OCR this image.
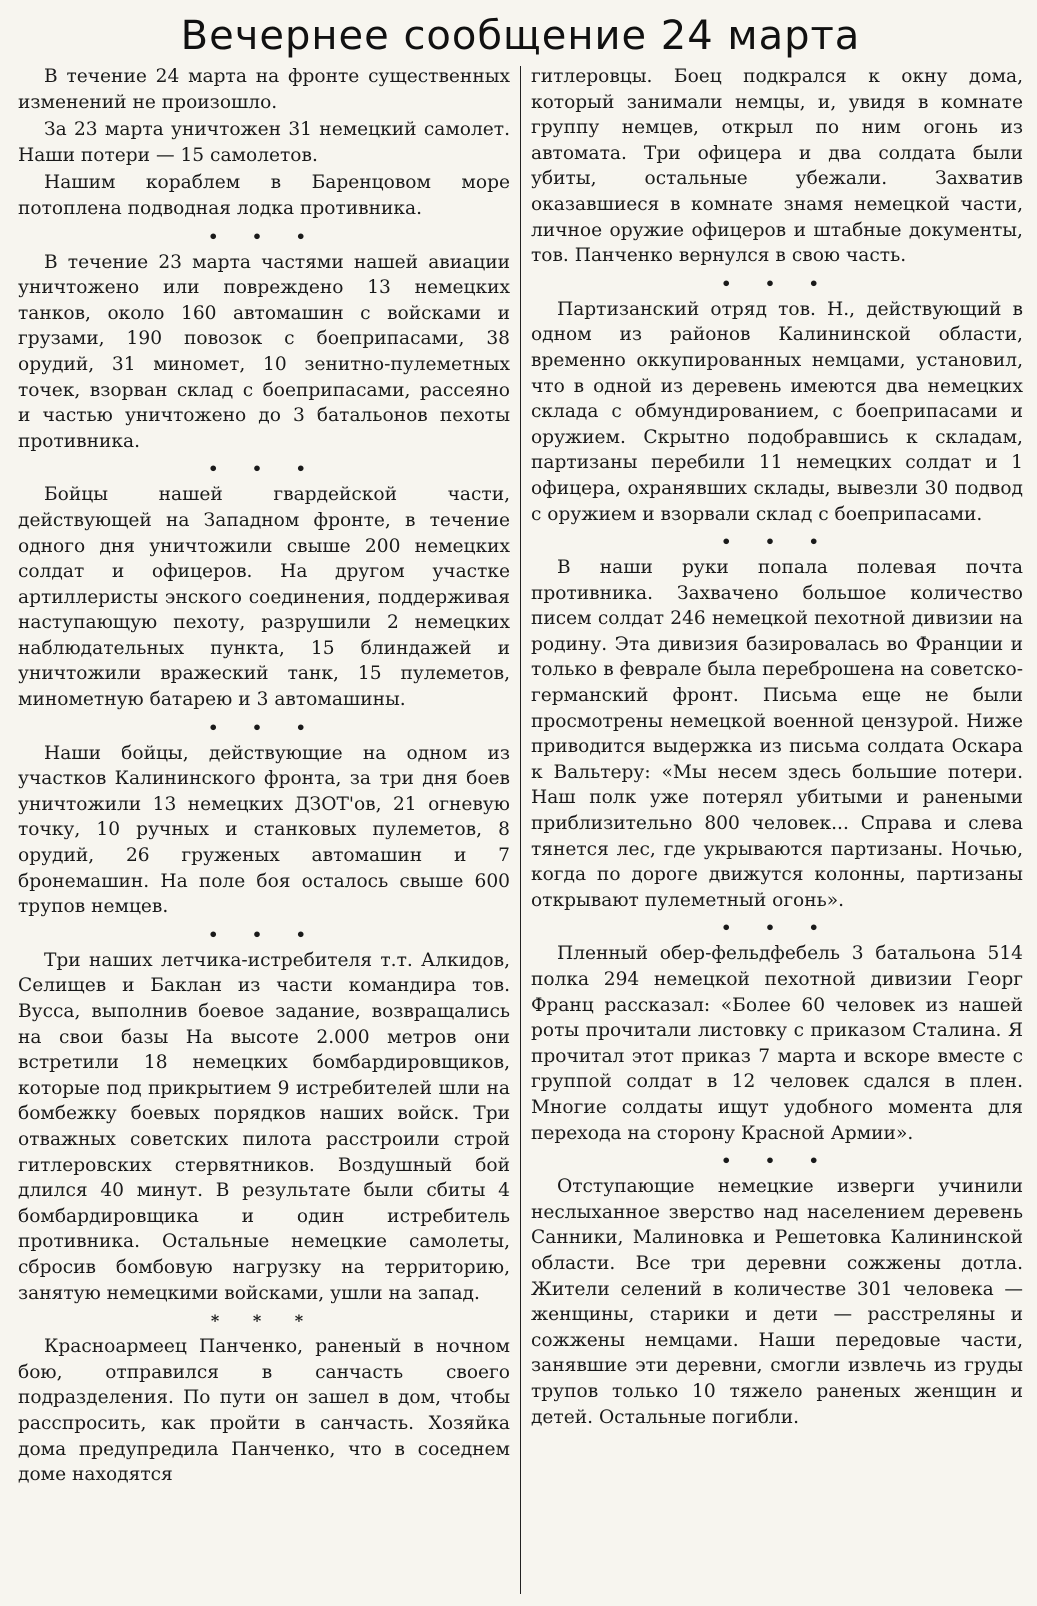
Вечернее сообщение 24 марта

В течение 24 марта на фронте существенных изменений не произошло.

За 23 марта уничтожен 31 немецкий самолет. Наши потери — 15 самолетов.

Нашим кораблем в Баренцовом море потоплена подводная лодка противника.

• • •

В течение 23 марта частями нашей авиации уничтожено или повреждено 13 немецких танков, около 160 автомашин с войсками и грузами, 190 повозок с боеприпасами, 38 орудий, 31 миномет, 10 зенитно-пулеметных точек, взорван склад с боеприпасами, рассеяно и частью уничтожено до 3 батальонов пехоты противника.

• • •

Бойцы нашей гвардейской части, действующей на Западном фронте, в течение одного дня уничтожили свыше 200 немецких солдат и офицеров. На другом участке артиллеристы энского соединения, поддерживая наступающую пехоту, разрушили 2 немецких наблюдательных пункта, 15 блиндажей и уничтожили вражеский танк, 15 пулеметов, минометную батарею и 3 автомашины.

• • •

Наши бойцы, действующие на одном из участков Калининского фронта, за три дня боев уничтожили 13 немецких ДЗОТ'ов, 21 огневую точку, 10 ручных и станковых пулеметов, 8 орудий, 26 груженых автомашин и 7 бронемашин. На поле боя осталось свыше 600 трупов немцев.

• • •

Три наших летчика-истребителя т.т. Алкидов, Селищев и Баклан из части командира тов. Вусса, выполнив боевое задание, возвращались на свои базы На высоте 2.000 метров они встретили 18 немецких бомбардировщиков, которые под прикрытием 9 истребителей шли на бомбежку боевых порядков наших войск. Три отважных советских пилота расстроили строй гитлеровских стервятников. Воздушный бой длился 40 минут. В результате были сбиты 4 бомбардировщика и один истребитель противника. Остальные немецкие самолеты, сбросив бомбовую нагрузку на территорию, занятую немецкими войсками, ушли на запад.

* * *

Красноармеец Панченко, раненый в ночном бою, отправился в санчасть своего подразделения. По пути он зашел в дом, чтобы расспросить, как пройти в санчасть. Хозяйка дома предупредила Панченко, что в соседнем доме находятся

гитлеровцы. Боец подкрался к окну дома, который занимали немцы, и, увидя в комнате группу немцев, открыл по ним огонь из автомата. Три офицера и два солдата были убиты, остальные убежали. Захватив оказавшиеся в комнате знамя немецкой части, личное оружие офицеров и штабные документы, тов. Панченко вернулся в свою часть.

• • •

Партизанский отряд тов. Н., действующий в одном из районов Калининской области, временно оккупированных немцами, установил, что в одной из деревень имеются два немецких склада с обмундированием, с боеприпасами и оружием. Скрытно подобравшись к складам, партизаны перебили 11 немецких солдат и 1 офицера, охранявших склады, вывезли 30 подвод с оружием и взорвали склад с боеприпасами.

• • •

В наши руки попала полевая почта противника. Захвачено большое количество писем солдат 246 немецкой пехотной дивизии на родину. Эта дивизия базировалась во Франции и только в феврале была переброшена на советско-германский фронт. Письма еще не были просмотрены немецкой военной цензурой. Ниже приводится выдержка из письма солдата Оскара к Вальтеру: «Мы несем здесь большие потери. Наш полк уже потерял убитыми и ранеными приблизительно 800 человек... Справа и слева тянется лес, где укрываются партизаны. Ночью, когда по дороге движутся колонны, партизаны открывают пулеметный огонь».

• • •

Пленный обер-фельдфебель 3 батальона 514 полка 294 немецкой пехотной дивизии Георг Франц рассказал: «Более 60 человек из нашей роты прочитали листовку с приказом Сталина. Я прочитал этот приказ 7 марта и вскоре вместе с группой солдат в 12 человек сдался в плен. Многие солдаты ищут удобного момента для перехода на сторону Красной Армии».

• • •

Отступающие немецкие изверги учинили неслыханное зверство над населением деревень Санники, Малиновка и Решетовка Калининской области. Все три деревни сожжены дотла. Жители селений в количестве 301 человека — женщины, старики и дети — расстреляны и сожжены немцами. Наши передовые части, занявшие эти деревни, смогли извлечь из груды трупов только 10 тяжело раненых женщин и детей. Остальные погибли.
